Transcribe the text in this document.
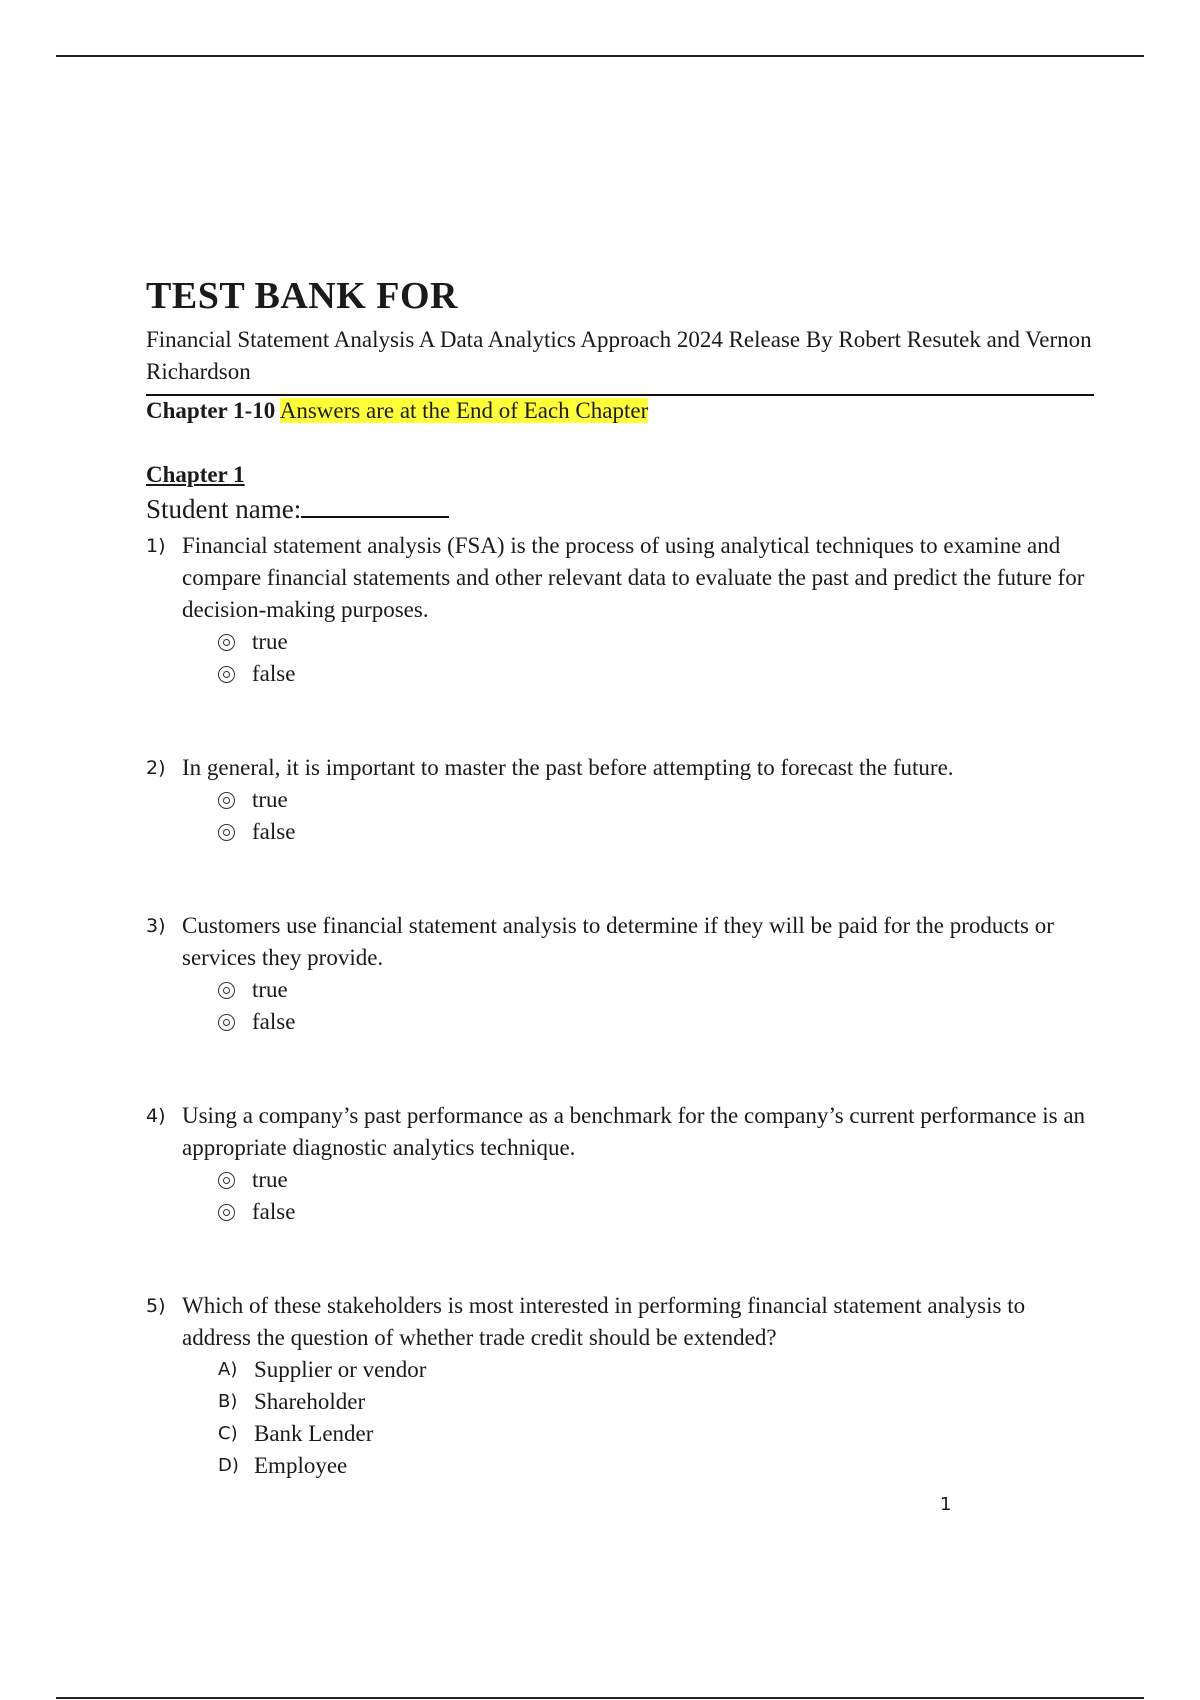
TEST BANK FOR
Financial Statement Analysis A Data Analytics Approach 2024 Release By Robert Resutek and Vernon Richardson
Chapter 1-10 Answers are at the End of Each Chapter
Chapter 1
Student name:
1) Financial statement analysis (FSA) is the process of using analytical techniques to examine and compare financial statements and other relevant data to evaluate the past and predict the future for decision-making purposes.
true
false
2) In general, it is important to master the past before attempting to forecast the future.
true
false
3) Customers use financial statement analysis to determine if they will be paid for the products or services they provide.
true
false
4) Using a company’s past performance as a benchmark for the company’s current performance is an appropriate diagnostic analytics technique.
true
false
5) Which of these stakeholders is most interested in performing financial statement analysis to address the question of whether trade credit should be extended?
A) Supplier or vendor
B) Shareholder
C) Bank Lender
D) Employee
1
